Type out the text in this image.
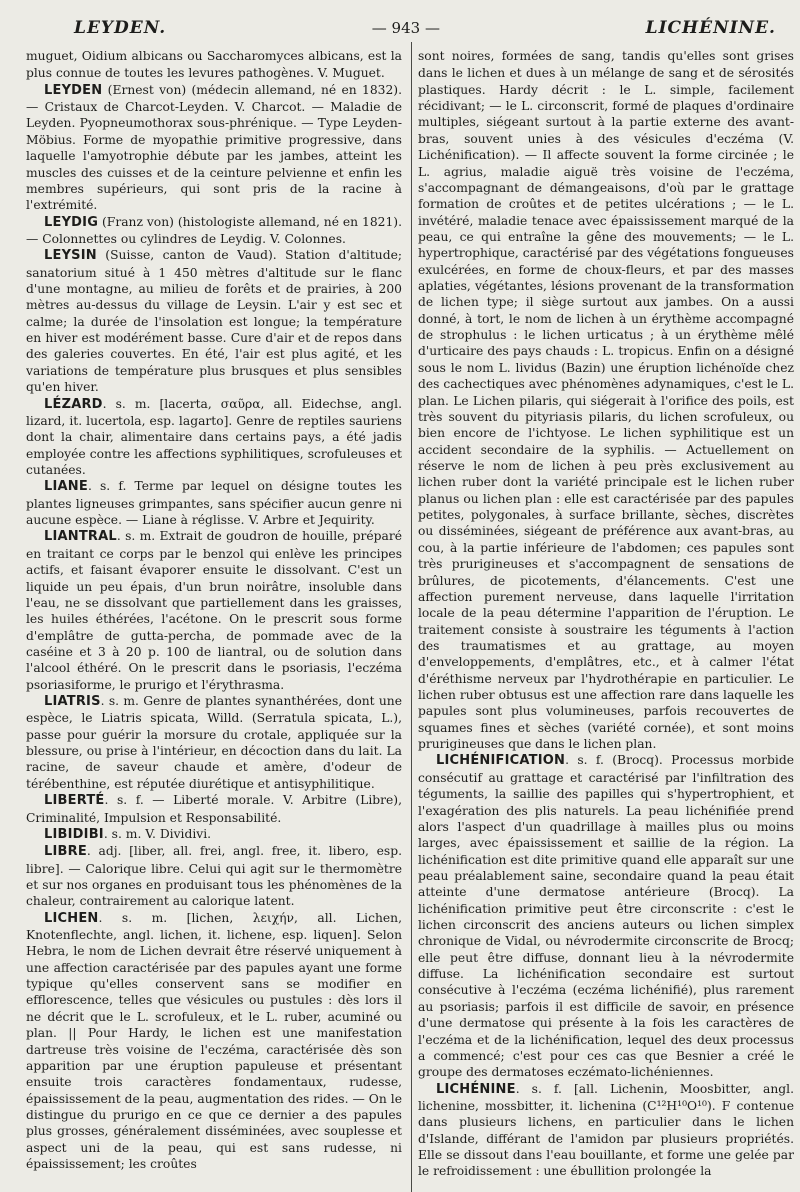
LEYDEN.	— 943 —	LICHÉNINE.

muguet, Oidium albicans ou Saccharomyces albicans, est la plus connue de toutes les levures pathogènes. V. Muguet.

LEYDEN (Ernest von) (médecin allemand, né en 1832). — Cristaux de Charcot-Leyden. V. Charcot. — Maladie de Leyden. Pyopneumothorax sous-phrénique. — Type Leyden-Möbius. Forme de myopathie primitive progressive, dans laquelle l'amyotrophie débute par les jambes, atteint les muscles des cuisses et de la ceinture pelvienne et enfin les membres supérieurs, qui sont pris de la racine à l'extrémité.

LEYDIG (Franz von) (histologiste allemand, né en 1821). — Colonnettes ou cylindres de Leydig. V. Colonnes.

LEYSIN (Suisse, canton de Vaud). Station d'altitude; sanatorium situé à 1 450 mètres d'altitude sur le flanc d'une montagne, au milieu de forêts et de prairies, à 200 mètres au-dessus du village de Leysin. L'air y est sec et calme; la durée de l'insolation est longue; la température en hiver est modérément basse. Cure d'air et de repos dans des galeries couvertes. En été, l'air est plus agité, et les variations de température plus brusques et plus sensibles qu'en hiver.

LÉZARD. s. m. [lacerta, σαῦρα, all. Eidechse, angl. lizard, it. lucertola, esp. lagarto]. Genre de reptiles sauriens dont la chair, alimentaire dans certains pays, a été jadis employée contre les affections syphilitiques, scrofuleuses et cutanées.

LIANE. s. f. Terme par lequel on désigne toutes les plantes ligneuses grimpantes, sans spécifier aucun genre ni aucune espèce. — Liane à réglisse. V. Arbre et Jequirity.

LIANTRAL. s. m. Extrait de goudron de houille, préparé en traitant ce corps par le benzol qui enlève les principes actifs, et faisant évaporer ensuite le dissolvant. C'est un liquide un peu épais, d'un brun noirâtre, insoluble dans l'eau, ne se dissolvant que partiellement dans les graisses, les huiles éthérées, l'acétone. On le prescrit sous forme d'emplâtre de gutta-percha, de pommade avec de la caséine et 3 à 20 p. 100 de liantral, ou de solution dans l'alcool éthéré. On le prescrit dans le psoriasis, l'eczéma psoriasiforme, le prurigo et l'érythrasma.

LIATRIS. s. m. Genre de plantes synanthérées, dont une espèce, le Liatris spicata, Willd. (Serratula spicata, L.), passe pour guérir la morsure du crotale, appliquée sur la blessure, ou prise à l'intérieur, en décoction dans du lait. La racine, de saveur chaude et amère, d'odeur de térébenthine, est réputée diurétique et antisyphilitique.

LIBERTÉ. s. f. — Liberté morale. V. Arbitre (Libre), Criminalité, Impulsion et Responsabilité.

LIBIDIBI. s. m. V. Dividivi.

LIBRE. adj. [liber, all. frei, angl. free, it. libero, esp. libre]. — Calorique libre. Celui qui agit sur le thermomètre et sur nos organes en produisant tous les phénomènes de la chaleur, contrairement au calorique latent.

LICHEN. s. m. [lichen, λειχήν, all. Lichen, Knotenflechte, angl. lichen, it. lichene, esp. liquen]. Selon Hebra, le nom de Lichen devrait être réservé uniquement à une affection caractérisée par des papules ayant une forme typique qu'elles conservent sans se modifier en efflorescence, telles que vésicules ou pustules : dès lors il ne décrit que le L. scrofuleux, et le L. ruber, acuminé ou plan. || Pour Hardy, le lichen est une manifestation dartreuse très voisine de l'eczéma, caractérisée dès son apparition par une éruption papuleuse et présentant ensuite trois caractères fondamentaux, rudesse, épaississement de la peau, augmentation des rides. — On le distingue du prurigo en ce que ce dernier a des papules plus grosses, généralement disséminées, avec souplesse et aspect uni de la peau, qui est sans rudesse, ni épaississement; les croûtes

sont noires, formées de sang, tandis qu'elles sont grises dans le lichen et dues à un mélange de sang et de sérosités plastiques. Hardy décrit : le L. simple, facilement récidivant; — le L. circonscrit, formé de plaques d'ordinaire multiples, siégeant surtout à la partie externe des avant-bras, souvent unies à des vésicules d'eczéma (V. Lichénification). — Il affecte souvent la forme circinée ; le L. agrius, maladie aiguë très voisine de l'eczéma, s'accompagnant de démangeaisons, d'où par le grattage formation de croûtes et de petites ulcérations ; — le L. invétéré, maladie tenace avec épaississement marqué de la peau, ce qui entraîne la gêne des mouvements; — le L. hypertrophique, caractérisé par des végétations fongueuses exulcérées, en forme de choux-fleurs, et par des masses aplaties, végétantes, lésions provenant de la transformation de lichen type; il siège surtout aux jambes. On a aussi donné, à tort, le nom de lichen à un érythème accompagné de strophulus : le lichen urticatus ; à un érythème mêlé d'urticaire des pays chauds : L. tropicus. Enfin on a désigné sous le nom L. lividus (Bazin) une éruption lichénoïde chez des cachectiques avec phénomènes adynamiques, c'est le L. plan. Le Lichen pilaris, qui siégerait à l'orifice des poils, est très souvent du pityriasis pilaris, du lichen scrofuleux, ou bien encore de l'ichtyose. Le lichen syphilitique est un accident secondaire de la syphilis. — Actuellement on réserve le nom de lichen à peu près exclusivement au lichen ruber dont la variété principale est le lichen ruber planus ou lichen plan : elle est caractérisée par des papules petites, polygonales, à surface brillante, sèches, discrètes ou disséminées, siégeant de préférence aux avant-bras, au cou, à la partie inférieure de l'abdomen; ces papules sont très prurigineuses et s'accompagnent de sensations de brûlures, de picotements, d'élancements. C'est une affection purement nerveuse, dans laquelle l'irritation locale de la peau détermine l'apparition de l'éruption. Le traitement consiste à soustraire les téguments à l'action des traumatismes et au grattage, au moyen d'enveloppements, d'emplâtres, etc., et à calmer l'état d'éréthisme nerveux par l'hydrothérapie en particulier. Le lichen ruber obtusus est une affection rare dans laquelle les papules sont plus volumineuses, parfois recouvertes de squames fines et sèches (variété cornée), et sont moins prurigineuses que dans le lichen plan.

LICHÉNIFICATION. s. f. (Brocq). Processus morbide consécutif au grattage et caractérisé par l'infiltration des téguments, la saillie des papilles qui s'hypertrophient, et l'exagération des plis naturels. La peau lichénifiée prend alors l'aspect d'un quadrillage à mailles plus ou moins larges, avec épaississement et saillie de la région. La lichénification est dite primitive quand elle apparaît sur une peau préalablement saine, secondaire quand la peau était atteinte d'une dermatose antérieure (Brocq). La lichénification primitive peut être circonscrite : c'est le lichen circonscrit des anciens auteurs ou lichen simplex chronique de Vidal, ou névrodermite circonscrite de Brocq; elle peut être diffuse, donnant lieu à la névrodermite diffuse. La lichénification secondaire est surtout consécutive à l'eczéma (eczéma lichénifié), plus rarement au psoriasis; parfois il est difficile de savoir, en présence d'une dermatose qui présente à la fois les caractères de l'eczéma et de la lichénification, lequel des deux processus a commencé; c'est pour ces cas que Besnier a créé le groupe des dermatoses eczémato-lichéniennes.

LICHÉNINE. s. f. [all. Lichenin, Moosbitter, angl. lichenine, mossbitter, it. lichenina (C¹²H¹⁰O¹⁰). F contenue dans plusieurs lichens, en particulier dans le lichen d'Islande, différant de l'amidon par plusieurs propriétés. Elle se dissout dans l'eau bouillante, et forme une gelée par le refroidissement : une ébullition prolongée la
